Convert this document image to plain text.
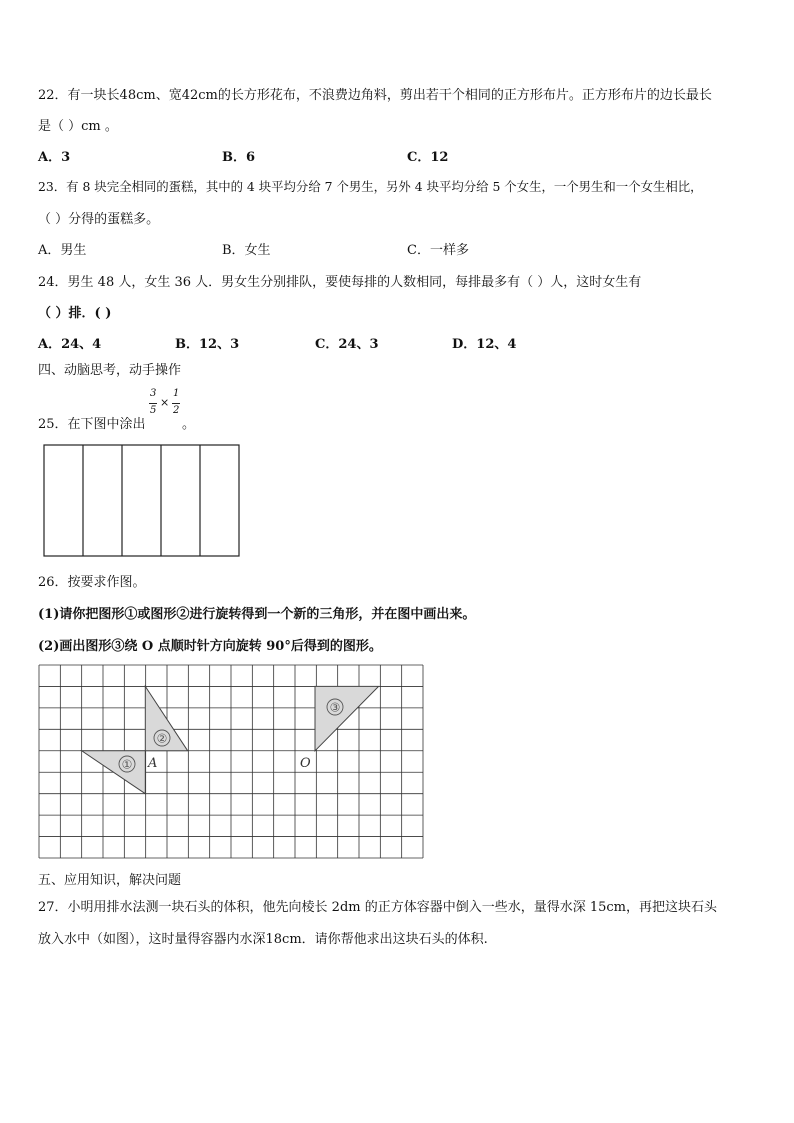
22．有一块长48cm、宽42cm的长方形花布，不浪费边角料，剪出若干个相同的正方形布片。正方形布片的边长最长
是（ ）cm 。
A．3	B．6	C．12
23．有 8 块完全相同的蛋糕，其中的 4 块平均分给 7 个男生，另外 4 块平均分给 5 个女生，一个男生和一个女生相比，
（ ）分得的蛋糕多。
A．男生	B．女生	C．一样多
24．男生 48 人，女生 36 人．男女生分别排队，要使每排的人数相同，每排最多有（ ）人，这时女生有
（ ）排．( )
A．24、4	B．12、3	C．24、3	D．12、4
四、动脑思考，动手操作
25．在下图中涂出
3
5
×
1
2
。
26．按要求作图。
(1)请你把图形①或图形②进行旋转得到一个新的三角形，并在图中画出来。
(2)画出图形③绕 O 点顺时针方向旋转 90°后得到的图形。
①
②
③
A	O
五、应用知识，解决问题
27．小明用排水法测一块石头的体积，他先向棱长 2dm 的正方体容器中倒入一些水，量得水深 15cm，再把这块石头
放入水中（如图），这时量得容器内水深18cm．请你帮他求出这块石头的体积.
